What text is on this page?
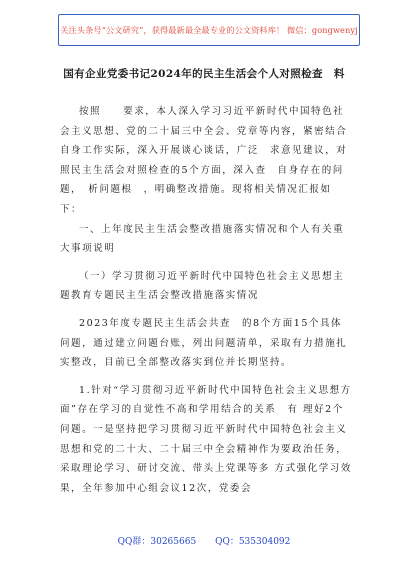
关注头条号“公文研究”，获得最新最全最专业的公文资料库！ 微信：gongwenyj
国有企业党委书记2024年的民主生活会个人对照检查　料

按照　　要求，本人深入学习习近平新时代中国特色社会主义思想、党的二十届三中全会、党章等内容，紧密结合自身工作实际，深入开展谈心谈话，广泛　求意见建议，对照民主生活会对照检查的5个方面，深入查　自身存在的问题，　析问题根　，明确整改措施。现将相关情况汇报如下：

一、上年度民主生活会整改措施落实情况和个人有关重大事项说明

（一）学习贯彻习近平新时代中国特色社会主义思想主题教育专题民主生活会整改措施落实情况

2023年度专题民主生活会共查　的8个方面15个具体问题，通过建立问题台账，列出问题清单，采取有力措施扎实整改，目前已全部整改落实到位并长期坚持。

1.针对“学习贯彻习近平新时代中国特色社会主义思想方面”存在学习的自觉性不高和学用结合的关系　有 理好2个问题。一是坚持把学习贯彻习近平新时代中国特色社会主义思想和党的二十大、二十届三中全会精神作为要政治任务，采取理论学习、研讨交流、带头上党课等多 方式强化学习效果，全年参加中心组会议12次，党委会

QQ群：30265665 QQ：535304092
